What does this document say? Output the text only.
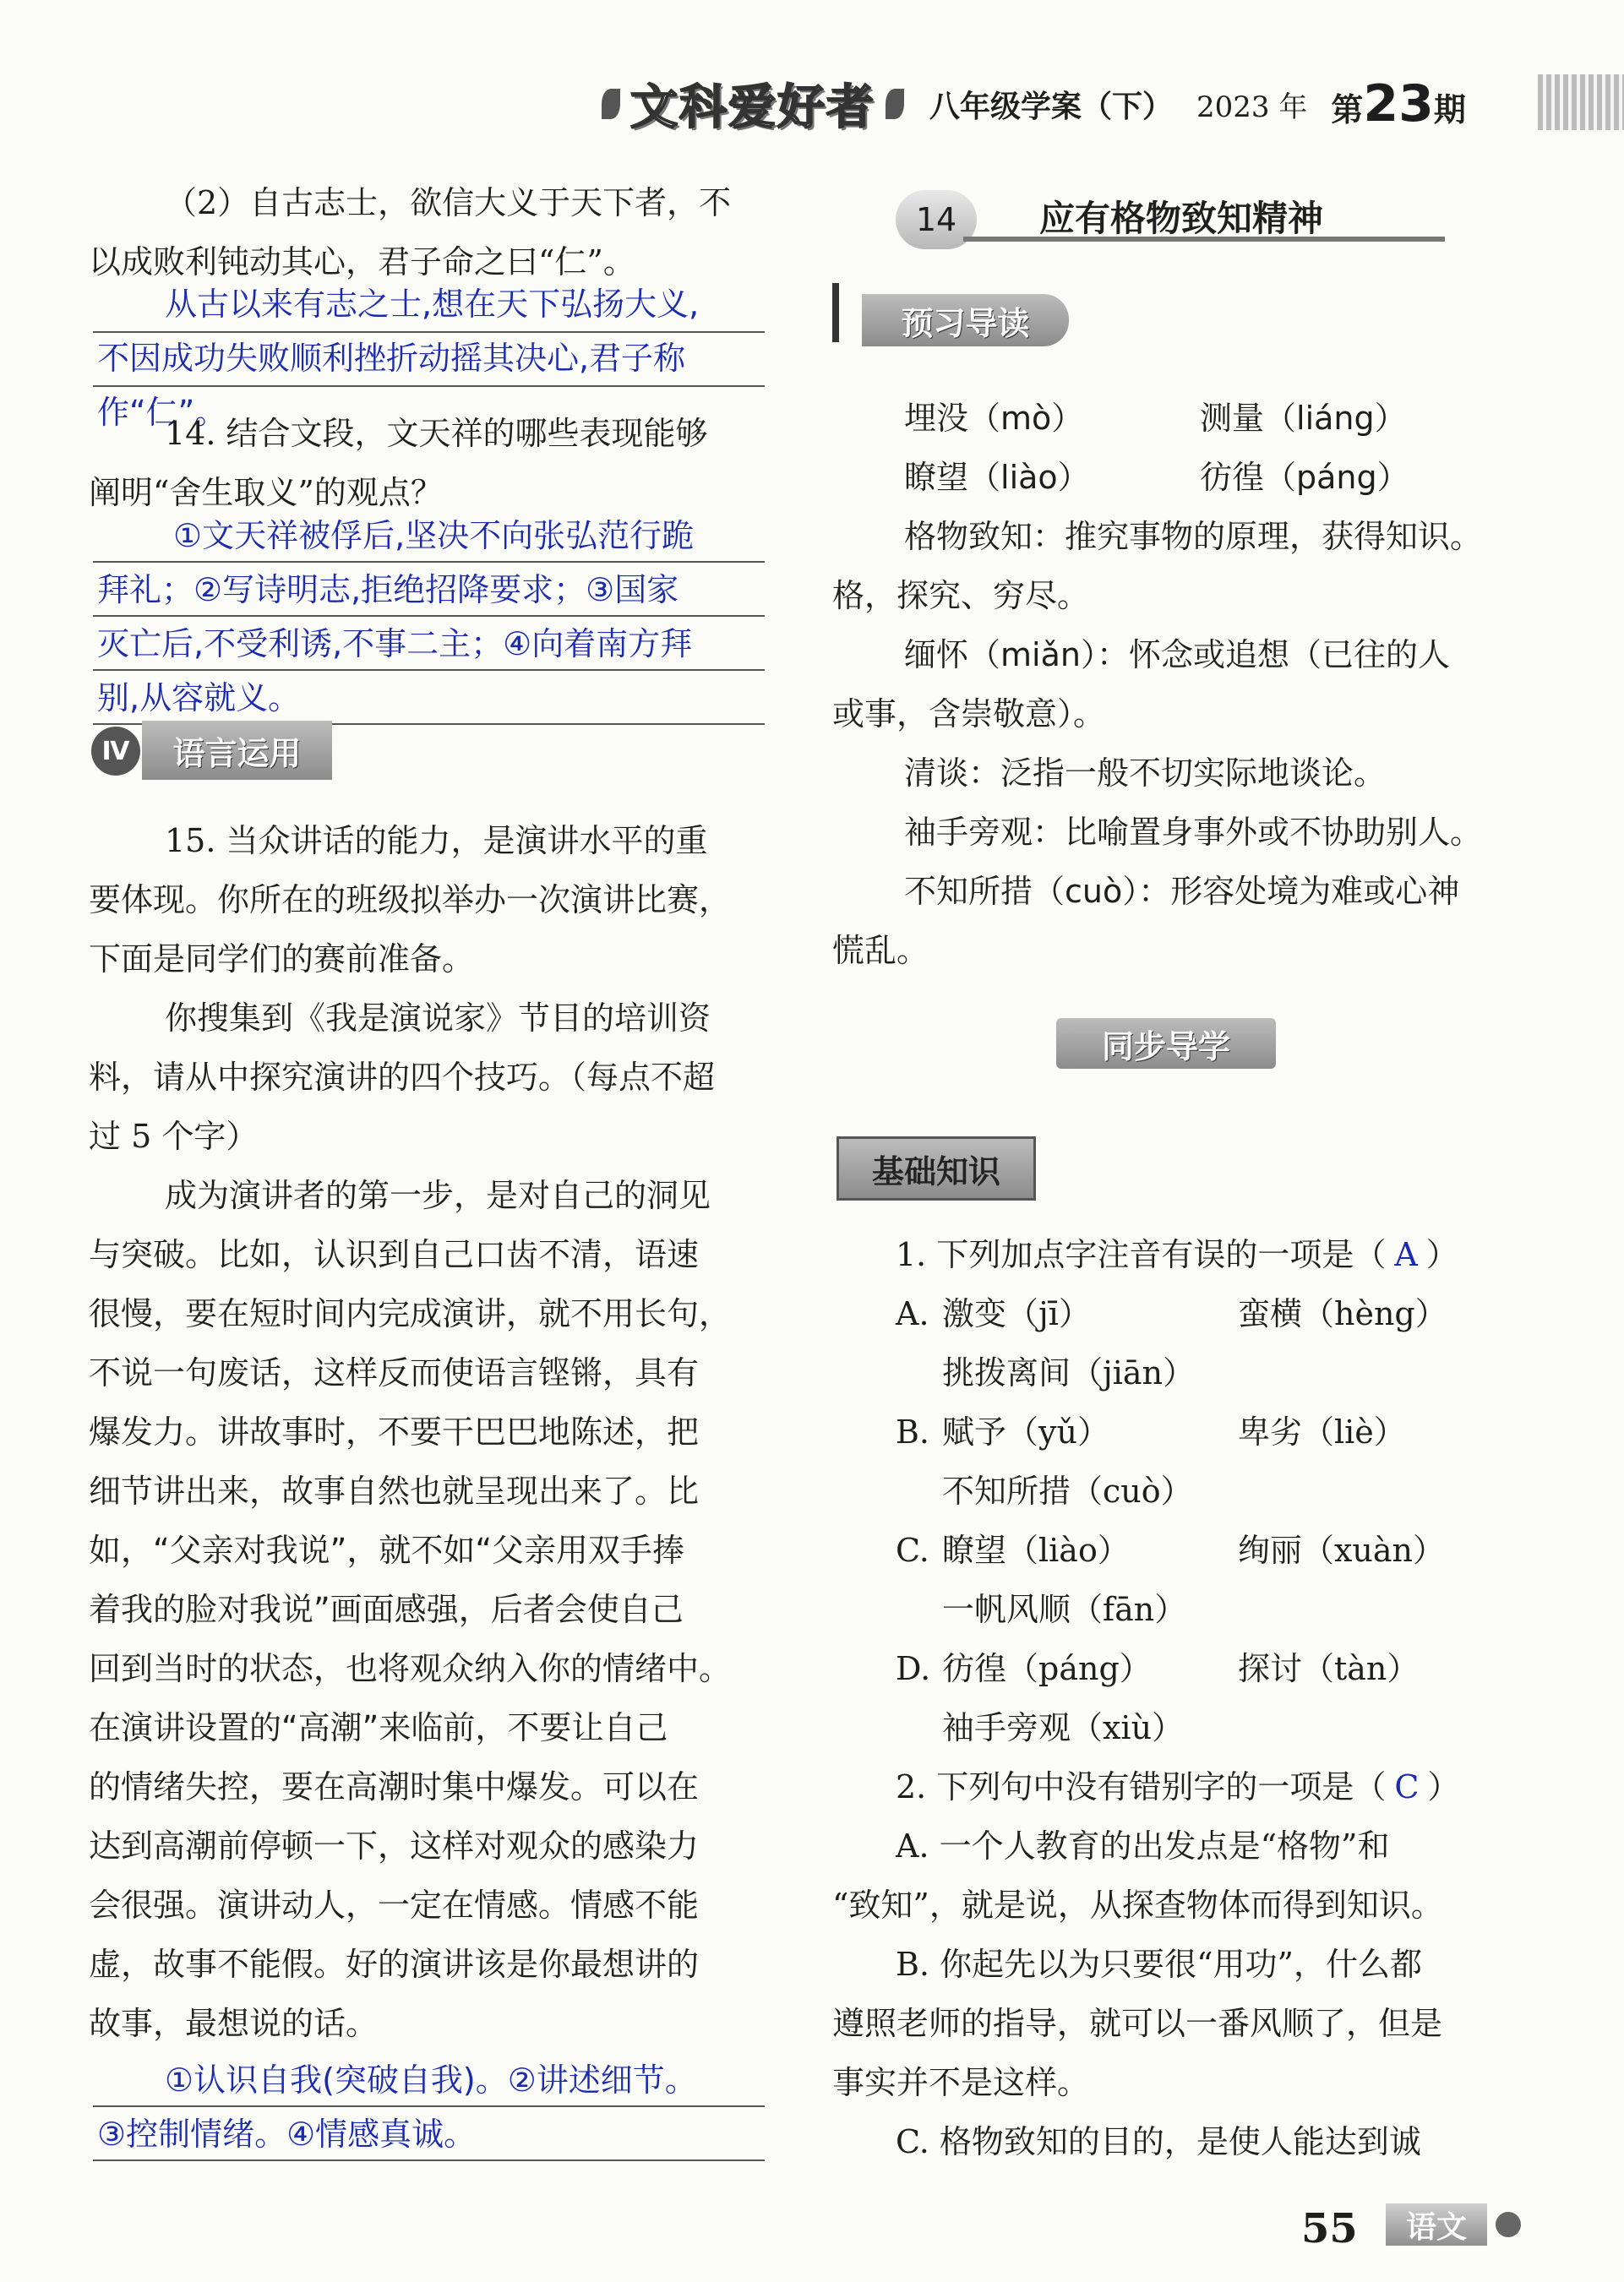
文科爱好者 八年级学案（下） 2023 年 第23期
（2）自古志士，欲信大义于天下者，不
以成败利钝动其心，君子命之曰“仁”。
从古以来有志之士,想在天下弘扬大义,
不因成功失败顺利挫折动摇其决心,君子称
作“仁”。
14. 结合文段，文天祥的哪些表现能够
阐明“舍生取义”的观点？
①文天祥被俘后,坚决不向张弘范行跪
拜礼；②写诗明志,拒绝招降要求；③国家
灭亡后,不受利诱,不事二主；④向着南方拜
别,从容就义。
Ⅳ	语言运用
15. 当众讲话的能力，是演讲水平的重
要体现。你所在的班级拟举办一次演讲比赛，
下面是同学们的赛前准备。
你搜集到《我是演说家》节目的培训资
料，请从中探究演讲的四个技巧。（每点不超
过 5 个字）
成为演讲者的第一步，是对自己的洞见
与突破。比如，认识到自己口齿不清，语速
很慢，要在短时间内完成演讲，就不用长句，
不说一句废话，这样反而使语言铿锵，具有
爆发力。讲故事时，不要干巴巴地陈述，把
细节讲出来，故事自然也就呈现出来了。比
如，“父亲对我说”，就不如“父亲用双手捧
着我的脸对我说”画面感强，后者会使自己
回到当时的状态，也将观众纳入你的情绪中。
在演讲设置的“高潮”来临前，不要让自己
的情绪失控，要在高潮时集中爆发。可以在
达到高潮前停顿一下，这样对观众的感染力
会很强。演讲动人，一定在情感。情感不能
虚，故事不能假。好的演讲该是你最想讲的
故事，最想说的话。
①认识自我(突破自我)。②讲述细节。
③控制情绪。④情感真诚。
14	应有格物致知精神
预习导读
埋没（mò）	测量（liáng）
瞭望（liào）	彷徨（páng）
格物致知：推究事物的原理，获得知识。
格，探究、穷尽。
缅怀（miǎn）：怀念或追想（已往的人
或事，含崇敬意）。
清谈：泛指一般不切实际地谈论。
袖手旁观：比喻置身事外或不协助别人。
不知所措（cuò）：形容处境为难或心神
慌乱。
同步导学
基础知识
1. 下列加点字注音有误的一项是（ A ）
A. 激变（jī）	蛮横（hèng）
挑拨离间（jiān）
B. 赋予（yǔ）	卑劣（liè）
不知所措（cuò）
C. 瞭望（liào）	绚丽（xuàn）
一帆风顺（fān）
D. 彷徨（páng）	探讨（tàn）
袖手旁观（xiù）
2. 下列句中没有错别字的一项是（ C ）
A. 一个人教育的出发点是“格物”和
“致知”，就是说，从探查物体而得到知识。
B. 你起先以为只要很“用功”，什么都
遵照老师的指导，就可以一番风顺了，但是
事实并不是这样。
C. 格物致知的目的，是使人能达到诚
55	语文
